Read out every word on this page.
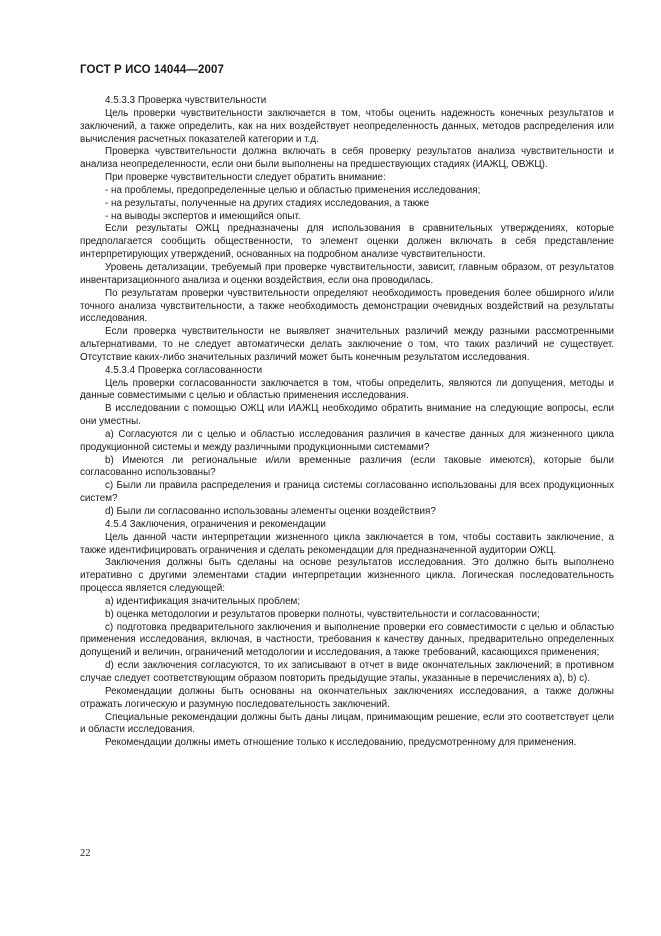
ГОСТ Р ИСО 14044—2007

4.5.3.3 Проверка чувствительности

Цель проверки чувствительности заключается в том, чтобы оценить надежность конечных результатов и заключений, а также определить, как на них воздействует неопределенность данных, методов распределения или вычисления расчетных показателей категории и т.д.

Проверка чувствительности должна включать в себя проверку результатов анализа чувствительности и анализа неопределенности, если они были выполнены на предшествующих стадиях (ИАЖЦ, ОВЖЦ).

При проверке чувствительности следует обратить внимание:

- на проблемы, предопределенные целью и областью применения исследования;

- на результаты, полученные на других стадиях исследования, а также

- на выводы экспертов и имеющийся опыт.

Если результаты ОЖЦ предназначены для использования в сравнительных утверждениях, которые предполагается сообщить общественности, то элемент оценки должен включать в себя представление интерпретирующих утверждений, основанных на подробном анализе чувствительности.

Уровень детализации, требуемый при проверке чувствительности, зависит, главным образом, от результатов инвентаризационного анализа и оценки воздействия, если она проводилась.

По результатам проверки чувствительности определяют необходимость проведения более обширного и/или точного анализа чувствительности, а также необходимость демонстрации очевидных воздействий на результаты исследования.

Если проверка чувствительности не выявляет значительных различий между разными рассмотренными альтернативами, то не следует автоматически делать заключение о том, что таких различий не существует. Отсутствие каких-либо значительных различий может быть конечным результатом исследования.

4.5.3.4 Проверка согласованности

Цель проверки согласованности заключается в том, чтобы определить, являются ли допущения, методы и данные совместимыми с целью и областью применения исследования.

В исследовании с помощью ОЖЦ или ИАЖЦ необходимо обратить внимание на следующие вопросы, если они уместны.

a) Согласуются ли с целью и областью исследования различия в качестве данных для жизненного цикла продукционной системы и между различными продукционными системами?

b) Имеются ли региональные и/или временные различия (если таковые имеются), которые были согласованно использованы?

c) Были ли правила распределения и граница системы согласованно использованы для всех продукционных систем?

d) Были ли согласованно использованы элементы оценки воздействия?

4.5.4 Заключения, ограничения и рекомендации

Цель данной части интерпретации жизненного цикла заключается в том, чтобы составить заключение, а также идентифицировать ограничения и сделать рекомендации для предназначенной аудитории ОЖЦ.

Заключения должны быть сделаны на основе результатов исследования. Это должно быть выполнено итеративно с другими элементами стадии интерпретации жизненного цикла. Логическая последовательность процесса является следующей:

a) идентификация значительных проблем;

b) оценка методологии и результатов проверки полноты, чувствительности и согласованности;

c) подготовка предварительного заключения и выполнение проверки его совместимости с целью и областью применения исследования, включая, в частности, требования к качеству данных, предварительно определенных допущений и величин, ограничений методологии и исследования, а также требований, касающихся применения;

d) если заключения согласуются, то их записывают в отчет в виде окончательных заключений; в противном случае следует соответствующим образом повторить предыдущие этапы, указанные в перечислениях a), b) c).

Рекомендации должны быть основаны на окончательных заключениях исследования, а также должны отражать логическую и разумную последовательность заключений.

Специальные рекомендации должны быть даны лицам, принимающим решение, если это соответствует цели и области исследования.

Рекомендации должны иметь отношение только к исследованию, предусмотренному для применения.

22
